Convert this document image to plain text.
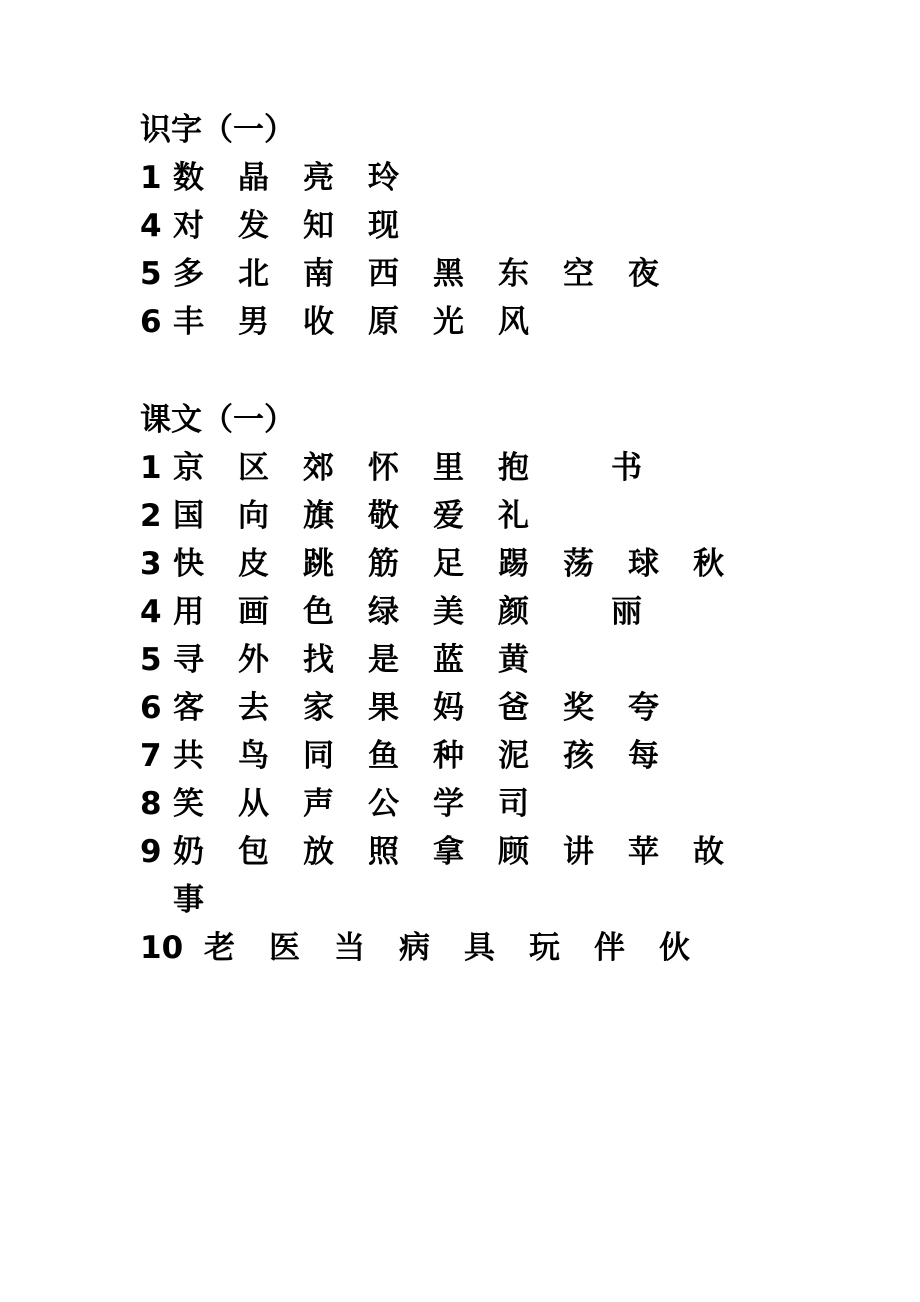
识字（一）
1 数 晶 亮 玲
4 对 发 知 现
5 多 北 南 西 黑 东 空 夜
6 丰 男 收 原 光 风
课文（一）
1 京 区 郊 怀 里 抱	书
2 国 向 旗 敬 爱 礼
3 快 皮 跳 筋 足 踢 荡 球 秋
4 用 画 色 绿 美 颜	丽
5 寻 外 找 是 蓝 黄
6 客 去 家 果 妈 爸 奖 夸
7 共 鸟 同 鱼 种 泥 孩 每
8 笑 从 声 公 学 司
9 奶 包 放 照 拿 顾 讲 苹 故
事
10 老 医 当 病 具 玩 伴 伙
